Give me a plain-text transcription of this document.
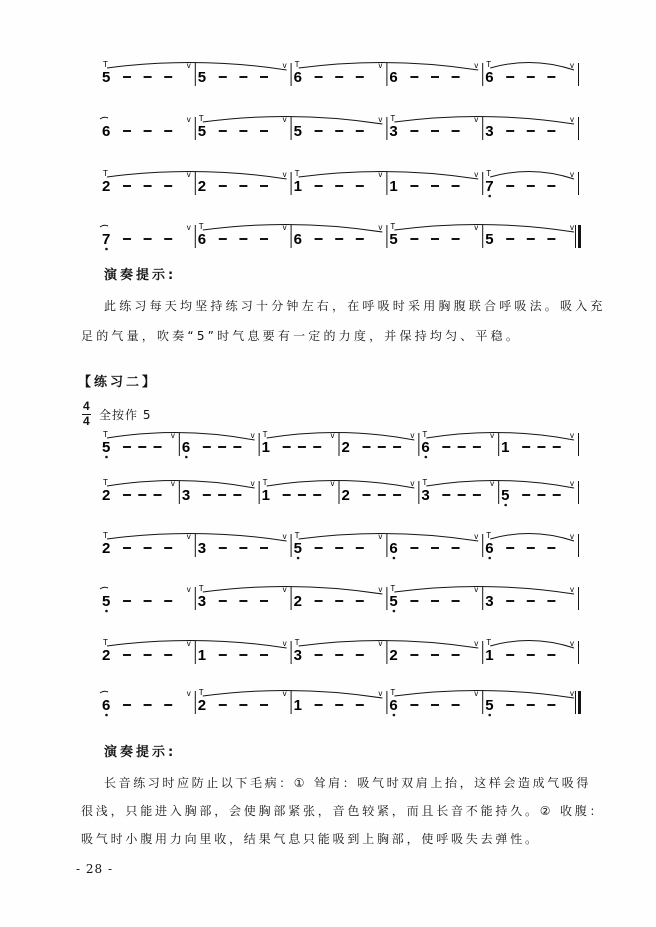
5
T	v
5
v
6
T	v
6
v
6
T	v
6
v
5
T	v
5
v
3
T	v
3
v
2
T	v
2
v
1
T	v
1
v
7
T	v
7
v
6
T	v
6
v
5
T	v
5
v
5
T	v
6
v
1
T	v
2
v
6
T	v
1
v
2
T	v
3
v
1
T	v
2
v
3
T	v
5
v
2
T	v
3
v
5
T	v
6
v
6
T	v
5
v
3
T	v
2
v
5
T	v
3
v
2
T	v
1
v
3
T	v
2
v
1
T	v
6
v
2
T	v
1
v
6
T	v
5
v
演奏提示:
此练习每天均坚持练习十分钟左右，在呼吸时采用胸腹联合呼吸法。吸入充
足的气量，吹奏“5”时气息要有一定的力度，并保持均匀、平稳。
【练习二】
4
4 全按作 5
演奏提示:
长音练习时应防止以下毛病：① 耸肩：吸气时双肩上抬，这样会造成气吸得
很浅，只能进入胸部，会使胸部紧张，音色较紧，而且长音不能持久。② 收腹：
吸气时小腹用力向里收，结果气息只能吸到上胸部，使呼吸失去弹性。
- 28 -
